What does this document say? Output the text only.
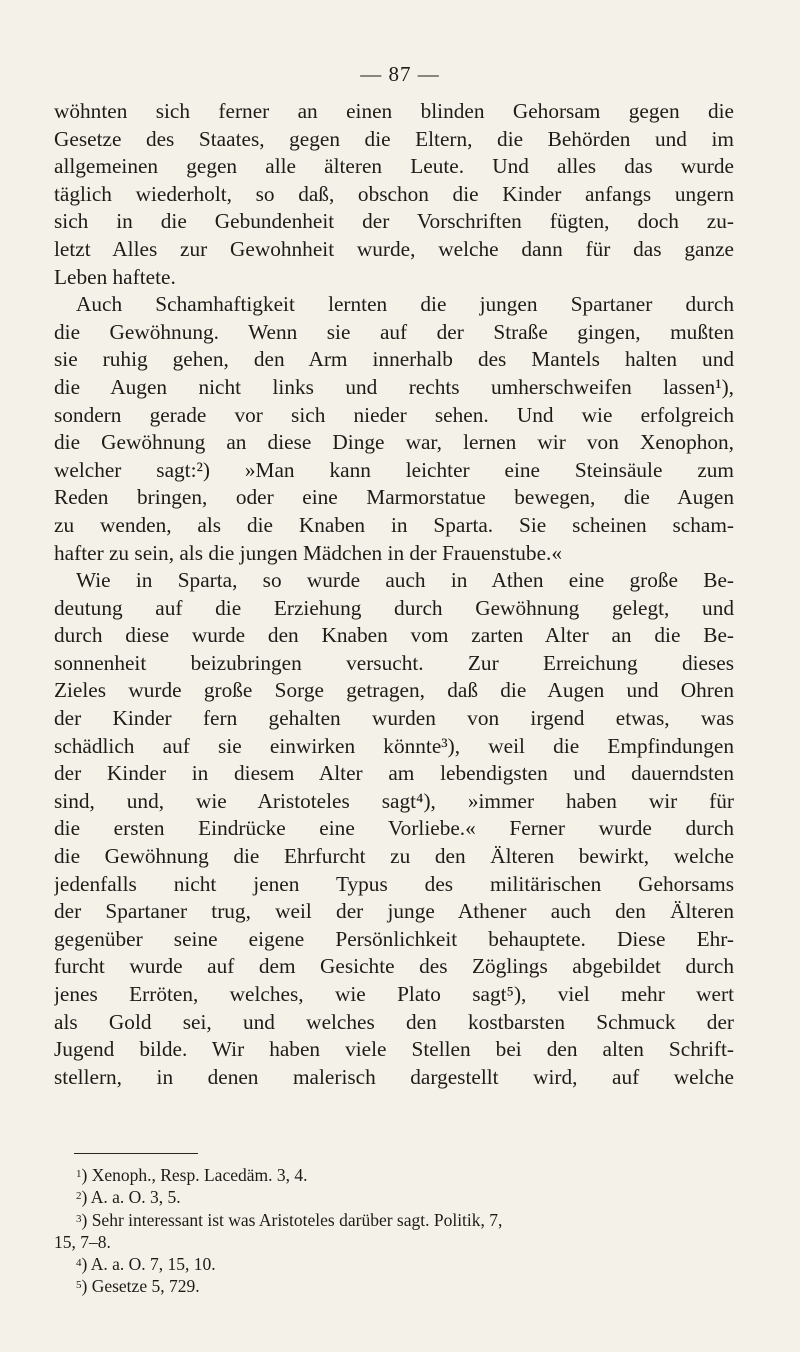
— 87 —

wöhnten sich ferner an einen blinden Gehorsam gegen die

Gesetze des Staates, gegen die Eltern, die Behörden und im

allgemeinen gegen alle älteren Leute. Und alles das wurde

täglich wiederholt, so daß, obschon die Kinder anfangs ungern

sich in die Gebundenheit der Vorschriften fügten, doch zu-

letzt Alles zur Gewohnheit wurde, welche dann für das ganze

Leben haftete.

Auch Schamhaftigkeit lernten die jungen Spartaner durch

die Gewöhnung. Wenn sie auf der Straße gingen, mußten

sie ruhig gehen, den Arm innerhalb des Mantels halten und

die Augen nicht links und rechts umherschweifen lassen¹),

sondern gerade vor sich nieder sehen. Und wie erfolgreich

die Gewöhnung an diese Dinge war, lernen wir von Xenophon,

welcher sagt:²) »Man kann leichter eine Steinsäule zum

Reden bringen, oder eine Marmorstatue bewegen, die Augen

zu wenden, als die Knaben in Sparta. Sie scheinen scham-

hafter zu sein, als die jungen Mädchen in der Frauenstube.«

Wie in Sparta, so wurde auch in Athen eine große Be-

deutung auf die Erziehung durch Gewöhnung gelegt, und

durch diese wurde den Knaben vom zarten Alter an die Be-

sonnenheit beizubringen versucht. Zur Erreichung dieses

Zieles wurde große Sorge getragen, daß die Augen und Ohren

der Kinder fern gehalten wurden von irgend etwas, was

schädlich auf sie einwirken könnte³), weil die Empfindungen

der Kinder in diesem Alter am lebendigsten und dauerndsten

sind, und, wie Aristoteles sagt⁴), »immer haben wir für

die ersten Eindrücke eine Vorliebe.« Ferner wurde durch

die Gewöhnung die Ehrfurcht zu den Älteren bewirkt, welche

jedenfalls nicht jenen Typus des militärischen Gehorsams

der Spartaner trug, weil der junge Athener auch den Älteren

gegenüber seine eigene Persönlichkeit behauptete. Diese Ehr-

furcht wurde auf dem Gesichte des Zöglings abgebildet durch

jenes Erröten, welches, wie Plato sagt⁵), viel mehr wert

als Gold sei, und welches den kostbarsten Schmuck der

Jugend bilde. Wir haben viele Stellen bei den alten Schrift-

stellern, in denen malerisch dargestellt wird, auf welche

$^1$) Xenoph., Resp. Lacedäm. 3, 4.

$^2$) A. a. O. 3, 5.

$^3$) Sehr interessant ist was Aristoteles darüber sagt. Politik, 7,

15, 7–8.

$^4$) A. a. O. 7, 15, 10.

$^5$) Gesetze 5, 729.
